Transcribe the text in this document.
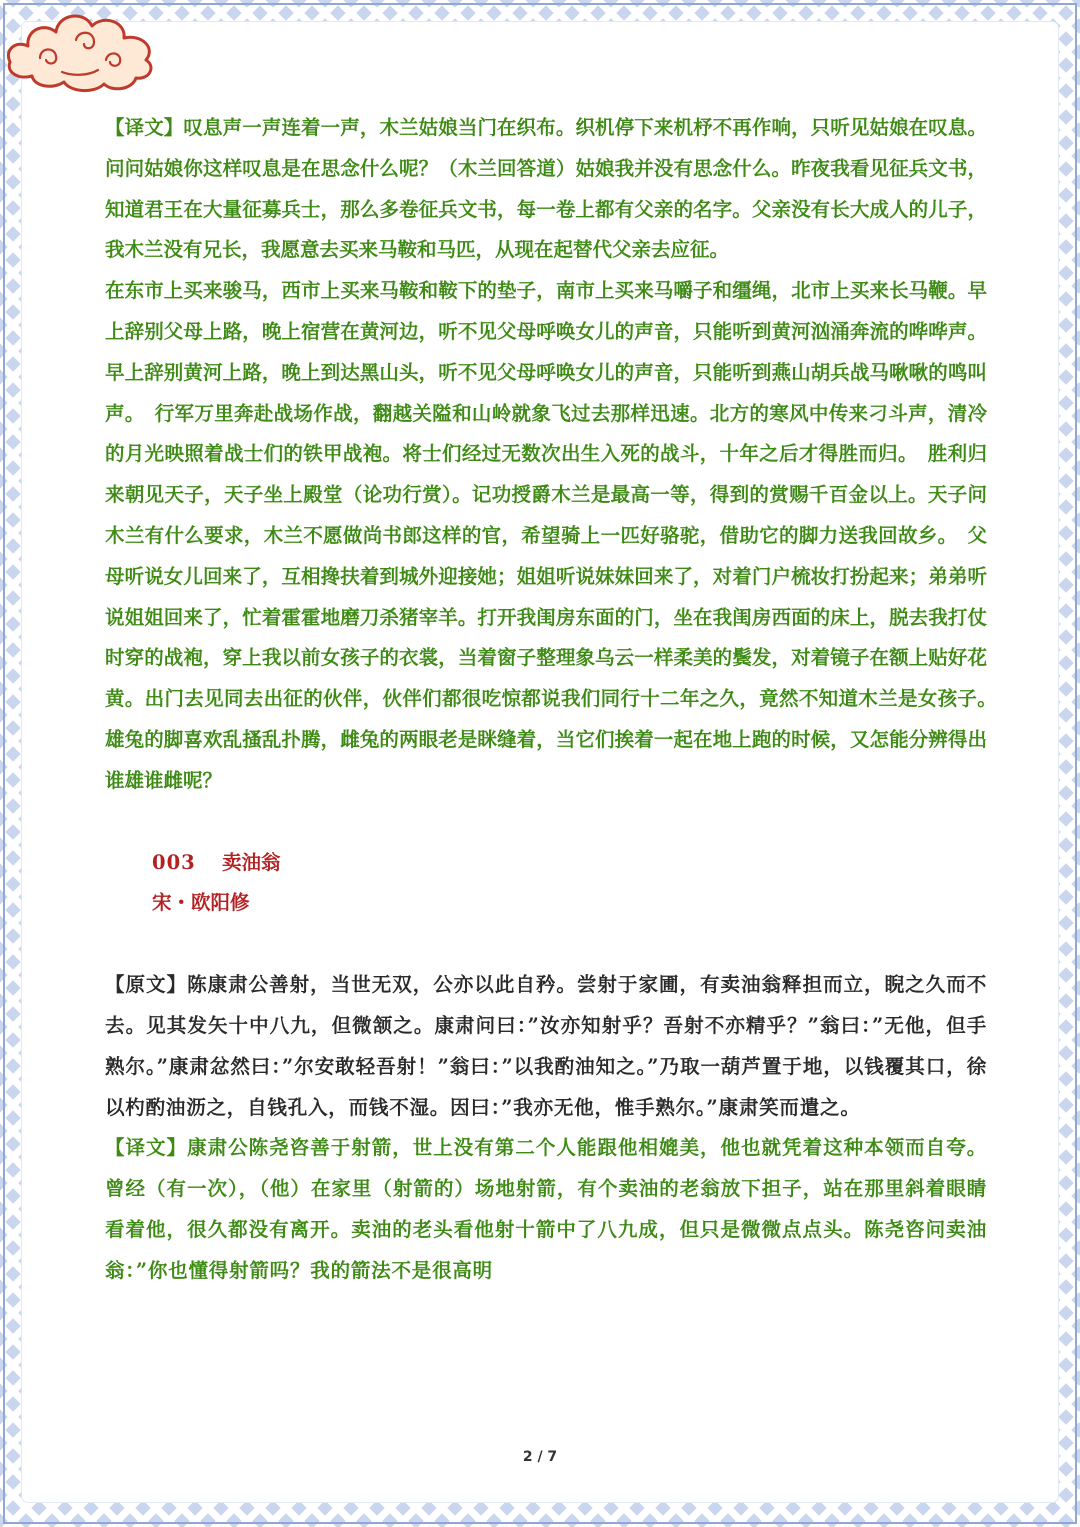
【译文】叹息声一声连着一声，木兰姑娘当门在织布。织机停下来机杼不再作响，只听见姑娘在叹息。问问姑娘你这样叹息是在思念什么呢？（木兰回答道）姑娘我并没有思念什么。昨夜我看见征兵文书，知道君王在大量征募兵士，那么多卷征兵文书，每一卷上都有父亲的名字。父亲没有长大成人的儿子，我木兰没有兄长，我愿意去买来马鞍和马匹，从现在起替代父亲去应征。

在东市上买来骏马，西市上买来马鞍和鞍下的垫子，南市上买来马嚼子和缰绳，北市上买来长马鞭。早上辞别父母上路，晚上宿营在黄河边，听不见父母呼唤女儿的声音，只能听到黄河汹涌奔流的哗哗声。早上辞别黄河上路，晚上到达黑山头，听不见父母呼唤女儿的声音，只能听到燕山胡兵战马啾啾的鸣叫声。　行军万里奔赴战场作战，翻越关隘和山岭就象飞过去那样迅速。北方的寒风中传来刁斗声，清冷的月光映照着战士们的铁甲战袍。将士们经过无数次出生入死的战斗，十年之后才得胜而归。　胜利归来朝见天子，天子坐上殿堂（论功行赏）。记功授爵木兰是最高一等，得到的赏赐千百金以上。天子问木兰有什么要求，木兰不愿做尚书郎这样的官，希望骑上一匹好骆驼，借助它的脚力送我回故乡。　父母听说女儿回来了，互相搀扶着到城外迎接她；姐姐听说妹妹回来了，对着门户梳妆打扮起来；弟弟听说姐姐回来了，忙着霍霍地磨刀杀猪宰羊。打开我闺房东面的门，坐在我闺房西面的床上，脱去我打仗时穿的战袍，穿上我以前女孩子的衣裳，当着窗子整理象乌云一样柔美的鬓发，对着镜子在额上贴好花黄。出门去见同去出征的伙伴，伙伴们都很吃惊都说我们同行十二年之久，竟然不知道木兰是女孩子。　雄兔的脚喜欢乱搔乱扑腾，雌兔的两眼老是眯缝着，当它们挨着一起在地上跑的时候，又怎能分辨得出谁雄谁雌呢？

003 卖油翁
宋・欧阳修

【原文】陈康肃公善射，当世无双，公亦以此自矜。尝射于家圃，有卖油翁释担而立，睨之久而不去。见其发矢十中八九，但微颔之。康肃问曰：”汝亦知射乎？吾射不亦精乎？”翁曰：”无他，但手熟尔。”康肃忿然曰：”尔安敢轻吾射！”翁曰：”以我酌油知之。”乃取一葫芦置于地，以钱覆其口，徐以杓酌油沥之，自钱孔入，而钱不湿。因曰：”我亦无他，惟手熟尔。”康肃笑而遣之。

【译文】康肃公陈尧咨善于射箭，世上没有第二个人能跟他相媲美，他也就凭着这种本领而自夸。曾经（有一次），（他）在家里（射箭的）场地射箭，有个卖油的老翁放下担子，站在那里斜着眼睛看着他，很久都没有离开。卖油的老头看他射十箭中了八九成，但只是微微点点头。陈尧咨问卖油翁：”你也懂得射箭吗？我的箭法不是很高明

2 / 7
